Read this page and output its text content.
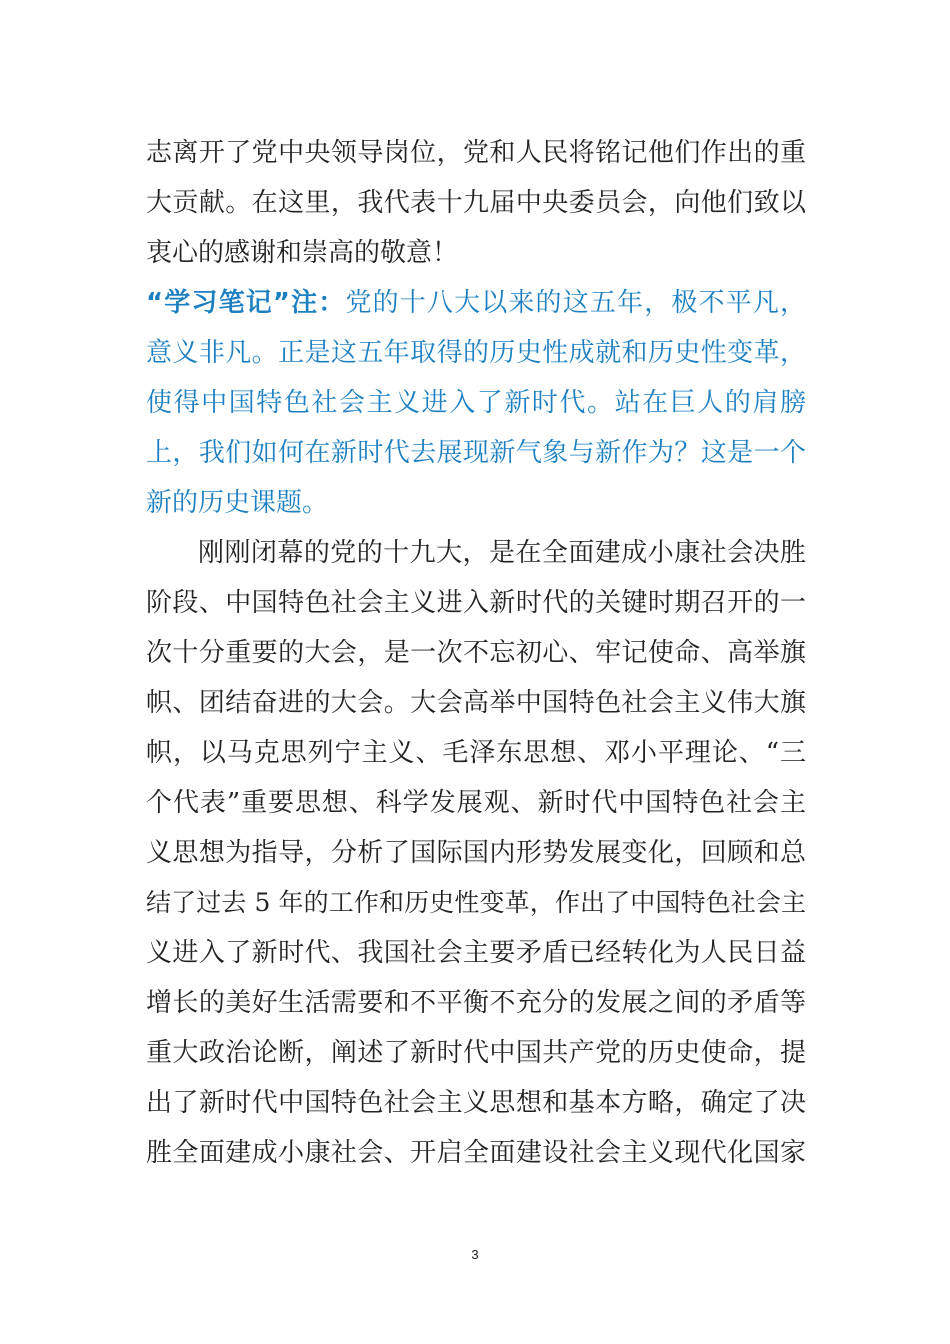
志离开了党中央领导岗位，党和人民将铭记他们作出的重
大贡献。在这里，我代表十九届中央委员会，向他们致以
衷心的感谢和崇高的敬意！
“学习笔记”注：党的十八大以来的这五年，极不平凡，
意义非凡。正是这五年取得的历史性成就和历史性变革，
使得中国特色社会主义进入了新时代。站在巨人的肩膀
上，我们如何在新时代去展现新气象与新作为？这是一个
新的历史课题。
刚刚闭幕的党的十九大，是在全面建成小康社会决胜
阶段、中国特色社会主义进入新时代的关键时期召开的一
次十分重要的大会，是一次不忘初心、牢记使命、高举旗
帜、团结奋进的大会。大会高举中国特色社会主义伟大旗
帜，以马克思列宁主义、毛泽东思想、邓小平理论、“三
个代表”重要思想、科学发展观、新时代中国特色社会主
义思想为指导，分析了国际国内形势发展变化，回顾和总
结了过去 5 年的工作和历史性变革，作出了中国特色社会主
义进入了新时代、我国社会主要矛盾已经转化为人民日益
增长的美好生活需要和不平衡不充分的发展之间的矛盾等
重大政治论断，阐述了新时代中国共产党的历史使命，提
出了新时代中国特色社会主义思想和基本方略，确定了决
胜全面建成小康社会、开启全面建设社会主义现代化国家
3
